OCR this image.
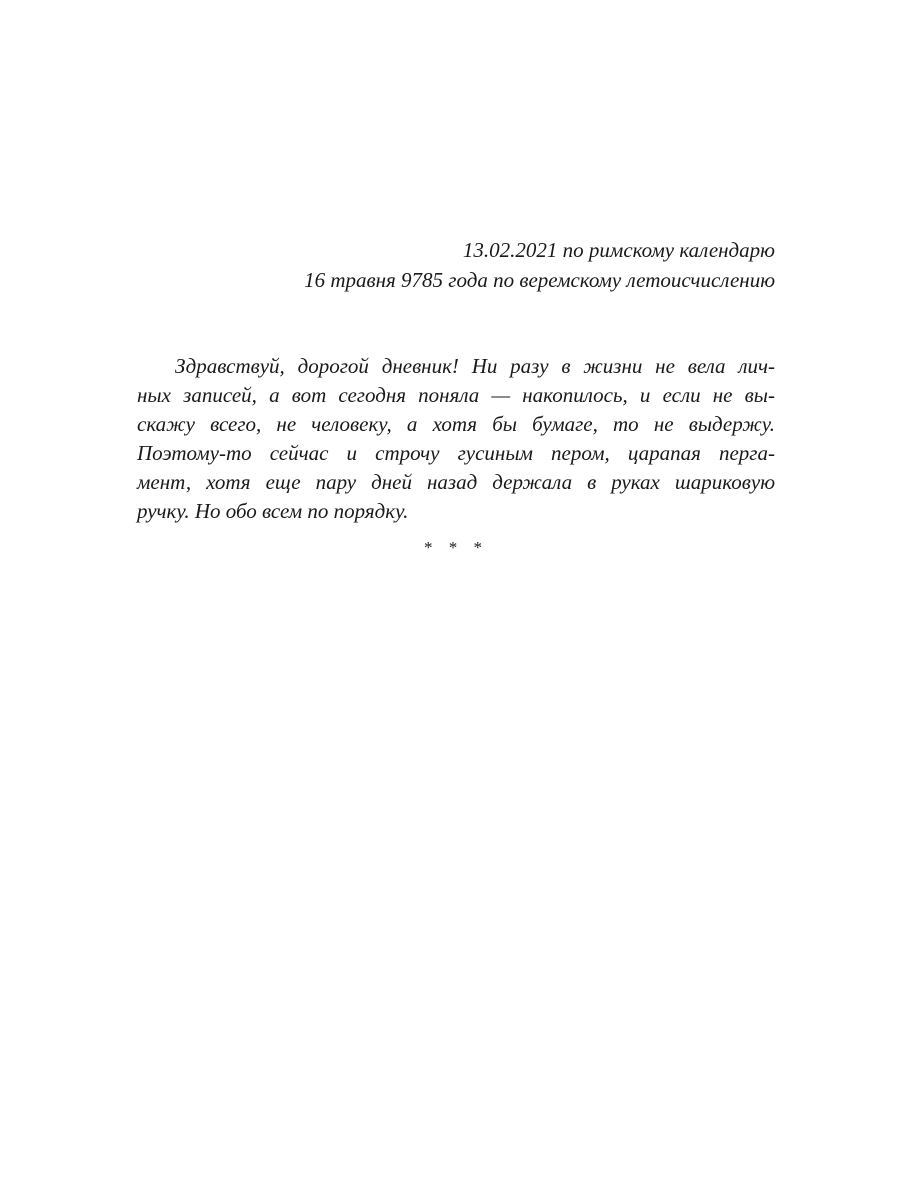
13.02.2021 по римскому календарю
16 травня 9785 года по веремскому летоисчислению
Здравствуй, дорогой дневник! Ни разу в жизни не вела лич-
ных записей, а вот сегодня поняла — накопилось, и если не вы-
скажу всего, не человеку, а хотя бы бумаге, то не выдержу.
Поэтому-то сейчас и строчу гусиным пером, царапая перга-
мент, хотя еще пару дней назад держала в руках шариковую
ручку. Но обо всем по порядку.
* * *
